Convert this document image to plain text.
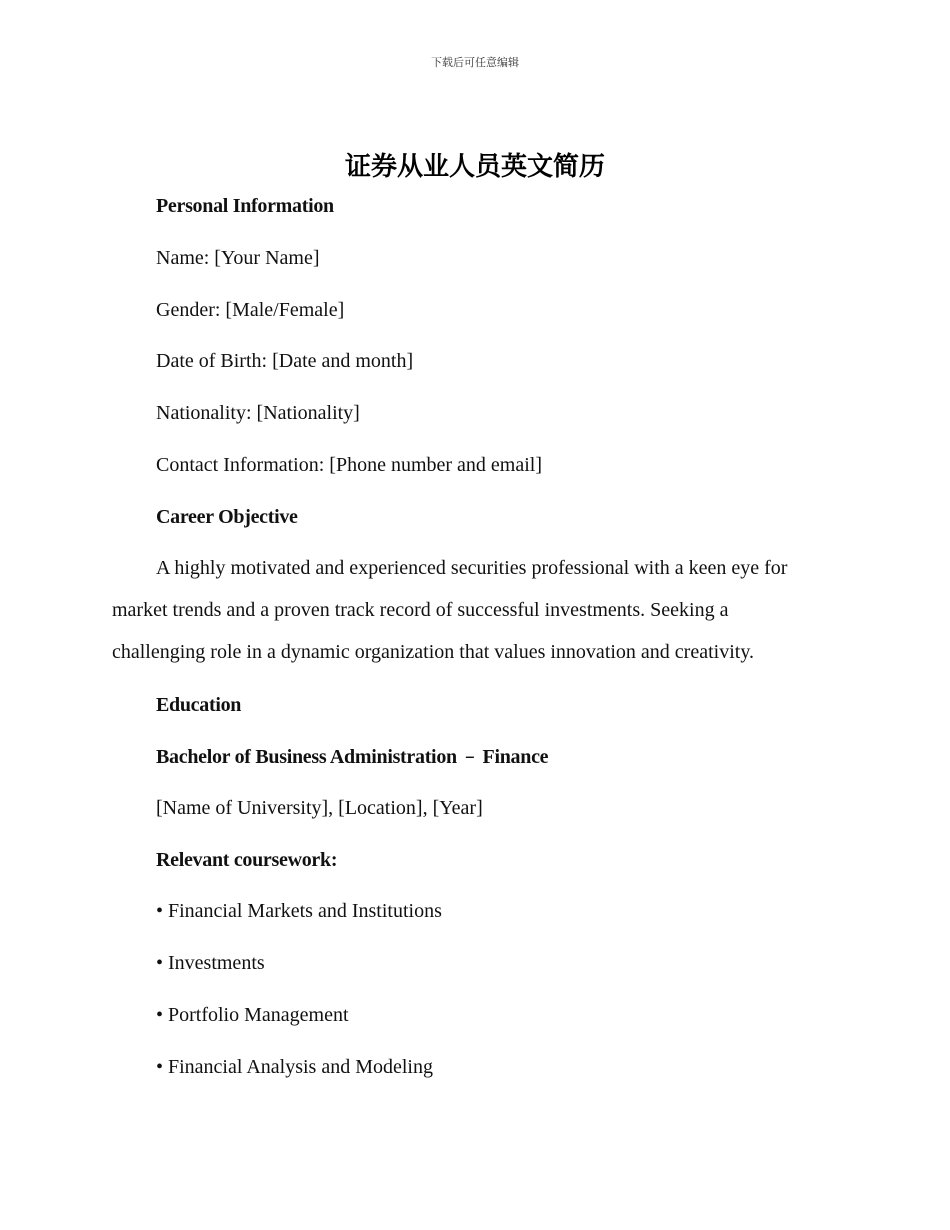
下载后可任意编辑
证券从业人员英文简历
Personal Information
Name: [Your Name]
Gender: [Male/Female]
Date of Birth: [Date and month]
Nationality: [Nationality]
Contact Information: [Phone number and email]
Career Objective
A highly motivated and experienced securities professional with a keen eye for
market trends and a proven track record of successful investments. Seeking a
challenging role in a dynamic organization that values innovation and creativity.
Education
Bachelor of Business Administration – Finance
[Name of University], [Location], [Year]
Relevant coursework:
• Financial Markets and Institutions
• Investments
• Portfolio Management
• Financial Analysis and Modeling
